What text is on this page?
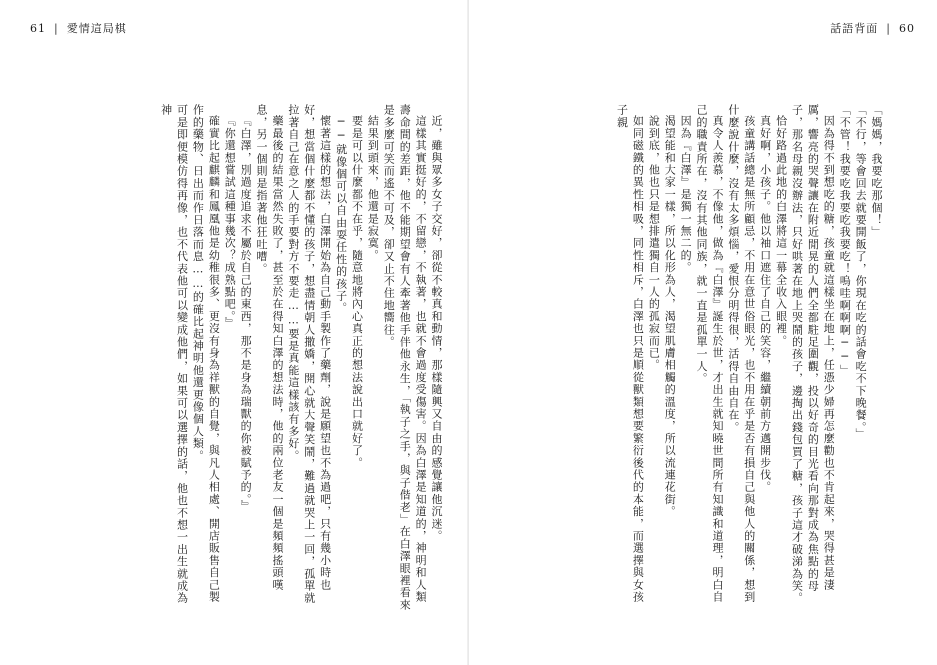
61 | 愛情這局棋

近，雖與眾多女子交好，卻從不較真和動情，那樣隨興又自由的感覺讓他沉迷。

這樣其實挺好的，不留戀，不執著，也就不會過度受傷害。因為白澤是知道的，神明和人類壽命間的差距，他不能期望會有人牽著他手伴他永生，「執子之手，與子偕老」在白澤眼裡看來是多麼可笑而遙不可及，卻又止不住地嚮往。

結果到頭來，他還是寂寞。

要是可以什麼都不在乎，隨意地將內心真正的想法說出口就好了。

──就像個可以自由耍任性的孩子。

懷著這樣的想法，白澤開始為自己動手製作了藥劑，說是願望也不為過吧，只有幾小時也好，想當個什麼都不懂的孩子，想盡情朝人撒嬌，開心就大聲笑鬧，難過就哭上一回，孤單就拉著自己在意之人的手要對方不要走……要是真能這樣該有多好。

藥最後的結果當然失敗了，甚至於在得知白澤的想法時，他的兩位老友一個是頻頻搖頭嘆息，另一個則是指著他狂吐嘈。

『白澤，別過度追求不屬於自己的東西，那不是身為瑞獸的你被賦予的。』

『你還想嘗試這種事幾次？成熟點吧。』

確實比起麒麟和鳳凰他是幼稚很多、更沒有身為祥獸的自覺，與凡人相處、開店販售自己製作的藥物、日出而作日落而息……的確比起神明他還更像個人類。

可是即便模仿得再像，也不代表他可以變成他們，如果可以選擇的話，他也不想一出生就成為神

話語背面 | 60

「媽媽，我要吃那個！」

「不行，等會回去就要開飯了，你現在吃的話會吃不下晚餐。」

「不管！我要吃我要吃我要吃！嗚哇啊啊啊──」

因為得不到想吃的糖，孩童就這樣坐在地上，任憑少婦再怎麼勸也不肯起來，哭得甚是淒厲，響亮的哭聲讓在附近閒晃的人們全都駐足圍觀，投以好奇的目光看向那對成為焦點的母子，那名母親沒辦法，只好哄著在地上哭鬧的孩子，邊掏出錢包買了糖，孩子這才破涕為笑。

恰好路過此地的白澤將這一幕全收入眼裡。

真好啊，小孩子。他以袖口遮住了自己的笑容，繼續朝前方邁開步伐。

孩童講話總是無所顧忌，不用在意世俗眼光，也不用在乎是否有損自己與他人的關係，想到什麼說什麼，沒有太多煩惱，愛恨分明得很，活得自由自在。

真令人羨慕，不像他，做為『白澤』誕生於世，才出生就知曉世間所有知識和道理，明白自己的職責所在，沒有其他同族，就一直是孤單一人。

因為『白澤』是獨一無二的。

渴望能和大家一樣，所以化形為人，渴望肌膚相觸的溫度，所以流連花街。

說到底，他也只是想排遣獨自一人的孤寂而已。

如同磁鐵的異性相吸，同性相斥，白澤也只是順從獸類想要繁衍後代的本能，而選擇與女孩子親
